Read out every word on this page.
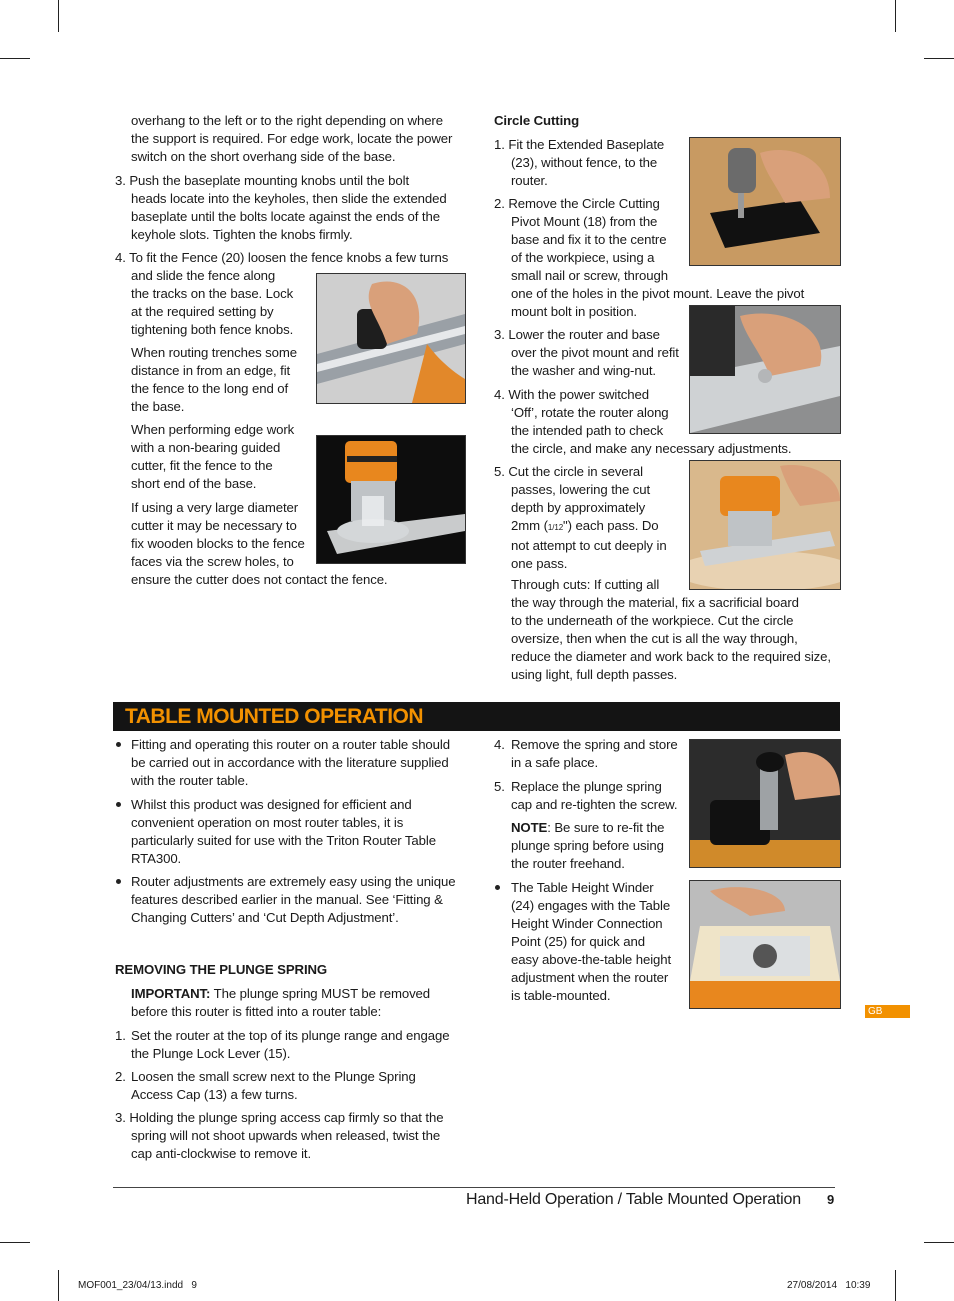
overhang to the left or to the right depending on where
the support is required. For edge work, locate the power
switch on the short overhang side of the base.
3. Push the baseplate mounting knobs until the bolt
heads locate into the keyholes, then slide the extended
baseplate until the bolts locate against the ends of the
keyhole slots. Tighten the knobs firmly.
4. To fit the Fence (20) loosen the fence knobs a few turns
and slide the fence along
the tracks on the base. Lock
at the required setting by
tightening both fence knobs.
When routing trenches some
distance in from an edge, fit
the fence to the long end of
the base.
When performing edge work
with a non-bearing guided
cutter, fit the fence to the
short end of the base.
If using a very large diameter
cutter it may be necessary to
fix wooden blocks to the fence
faces via the screw holes, to
ensure the cutter does not contact the fence.
Circle Cutting
1. Fit the Extended Baseplate
(23), without fence, to the
router.
2. Remove the Circle Cutting
Pivot Mount (18) from the
base and fix it to the centre
of the workpiece, using a
small nail or screw, through
one of the holes in the pivot mount. Leave the pivot
mount bolt in position.
3. Lower the router and base
over the pivot mount and refit
the washer and wing-nut.
4. With the power switched
‘Off’, rotate the router along
the intended path to check
the circle, and make any necessary adjustments.
5. Cut the circle in several
passes, lowering the cut
depth by approximately
2mm (1/12") each pass. Do
not attempt to cut deeply in
one pass.
Through cuts: If cutting all
the way through the material, fix a sacrificial board
to the underneath of the workpiece. Cut the circle
oversize, then when the cut is all the way through,
reduce the diameter and work back to the required size,
using light, full depth passes.
TABLE MOUNTED OPERATION
Fitting and operating this router on a router table should
be carried out in accordance with the literature supplied
with the router table.
Whilst this product was designed for efficient and
convenient operation on most router tables, it is
particularly suited for use with the Triton Router Table
RTA300.
Router adjustments are extremely easy using the unique
features described earlier in the manual. See ‘Fitting &
Changing Cutters’ and ‘Cut Depth Adjustment’.
REMOVING THE PLUNGE SPRING
IMPORTANT: The plunge spring MUST be removed
before this router is fitted into a router table:
1. Set the router at the top of its plunge range and engage
the Plunge Lock Lever (15).
2. Loosen the small screw next to the Plunge Spring
Access Cap (13) a few turns.
3. Holding the plunge spring access cap firmly so that the
spring will not shoot upwards when released, twist the
cap anti-clockwise to remove it.
4. Remove the spring and store
in a safe place.
5. Replace the plunge spring
cap and re-tighten the screw.
NOTE: Be sure to re-fit the
plunge spring before using
the router freehand.
The Table Height Winder
(24) engages with the Table
Height Winder Connection
Point (25) for quick and
easy above-the-table height
adjustment when the router
is table-mounted.
GB
Hand-Held Operation / Table Mounted Operation 9
MOF001_23/04/13.indd   9	27/08/2014   10:39
